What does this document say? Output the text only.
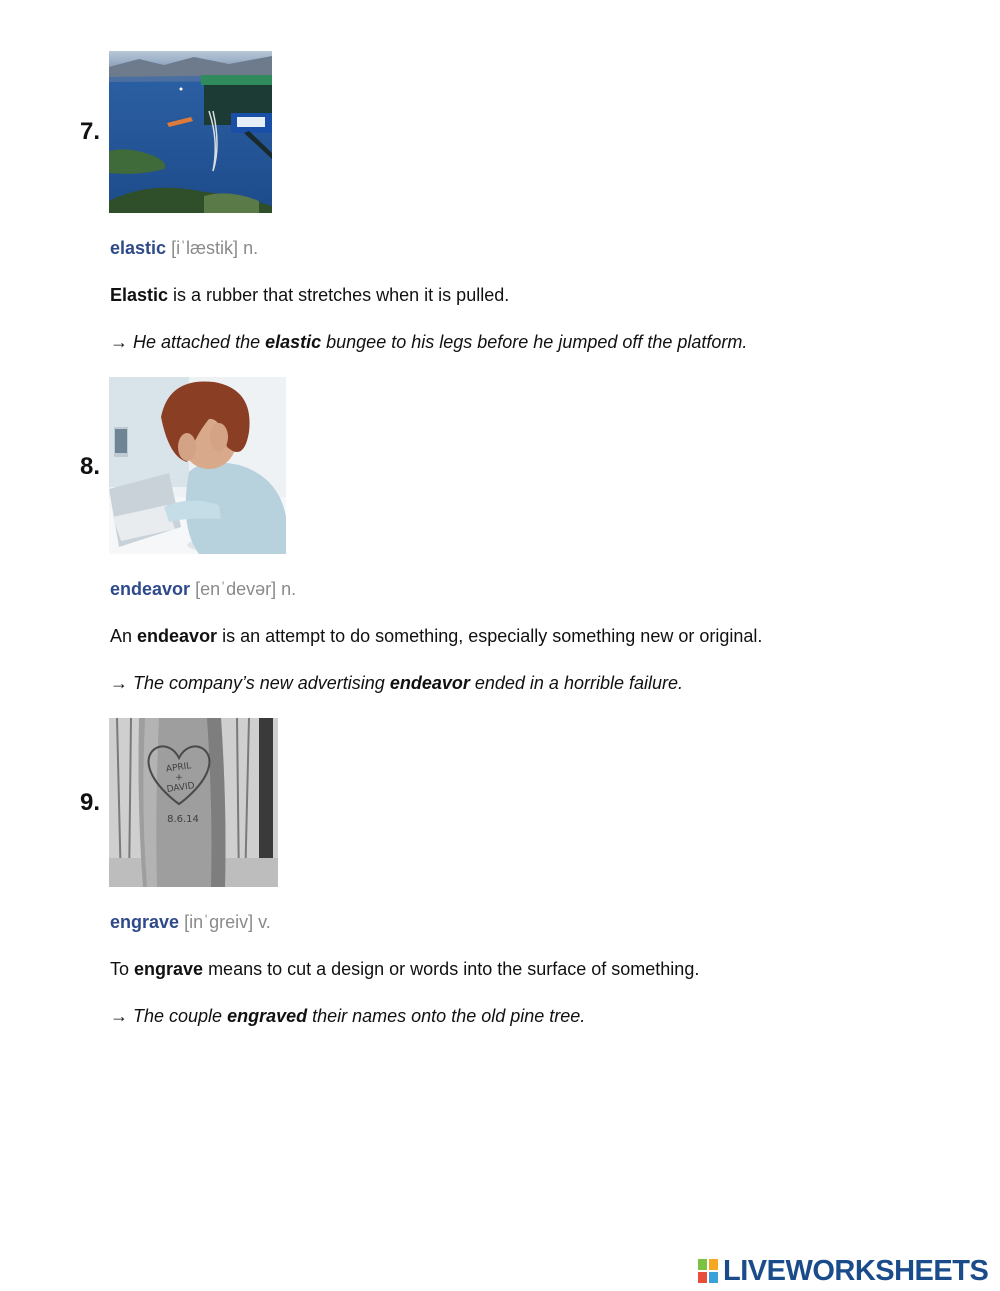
7.
elastic [iˈlæstik] n.
Elastic is a rubber that stretches when it is pulled.
→ He attached the elastic bungee to his legs before he jumped off the platform.
8.
endeavor [enˈdevər] n.
An endeavor is an attempt to do something, especially something new or original.
→ The company’s new advertising endeavor ended in a horrible failure.
9.
APRIL
+
DAVID
8.6.14
engrave [inˈgreiv] v.
To engrave means to cut a design or words into the surface of something.
→ The couple engraved their names onto the old pine tree.
LIVEWORKSHEETS
